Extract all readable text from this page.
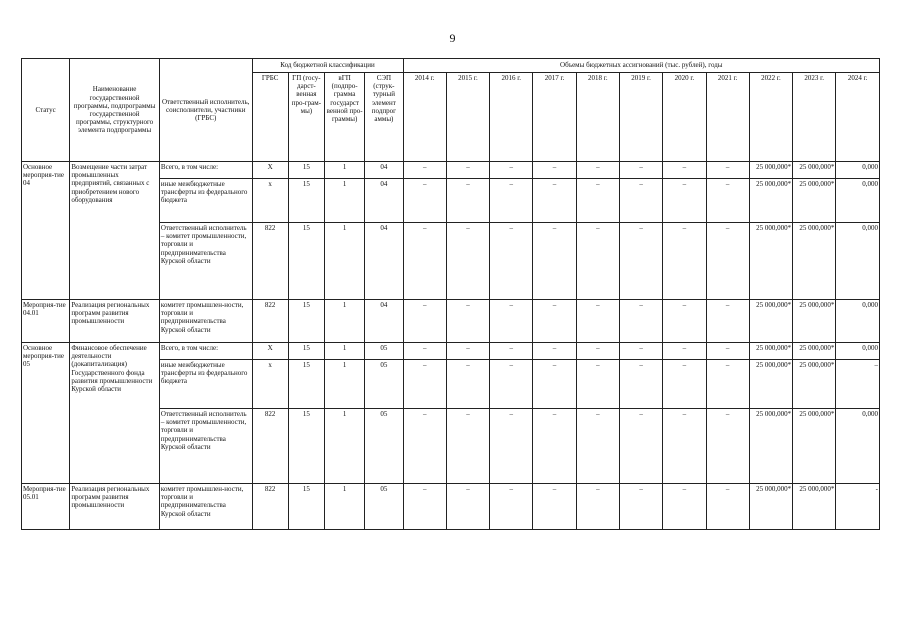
9
Статус	Наименование государственной программы, подпрограммы государственной программы, структурного элемента подпрограммы	Ответственный исполнитель, соисполнители, участники (ГРБС)	Код бюджетной классификации				Объемы бюджетных ассигнований (тыс. рублей), годы										
			ГРБС	ГП (госу-дарст-венная про-грам-мы)	вГП (подпро-грамма государст венной про-граммы)	СЭП (струк-турный элемент подпрог аммы)	2014 г.	2015 г.	2016 г.	2017 г.	2018 г.	2019 г.	2020 г.	2021 г.	2022 г.	2023 г.	2024 г.
Основное мероприя-тие 04	Возмещение части затрат промышленных предприятий, связанных с приобретением нового оборудования	Всего, в том числе:	Х	15	1	04	–	–	–	–	–	–	–	–	25 000,000*	25 000,000*	0,000
		иные межбюджетные трансферты из федерального бюджета	х	15	1	04	–	–	–	–	–	–	–	–	25 000,000*	25 000,000*	0,000
		Ответственный исполнитель – комитет промышленности, торговли и предпринимательства Курской области	822	15	1	04	–	–	–	–	–	–	–	–	25 000,000*	25 000,000*	0,000
Мероприя-тие 04.01	Реализация региональных программ развития промышленности	комитет промышлен-ности, торговли и предпринимательства Курской области	822	15	1	04	–	–	–	–	–	–	–	–	25 000,000*	25 000,000*	0,000
Основное мероприя-тие 05	Финансовое обеспечение деятельности (докапитализация) Государственного фонда развития промышленности Курской области	Всего, в том числе:	Х	15	1	05	–	–	–	–	–	–	–	–	25 000,000*	25 000,000*	0,000
		иные межбюджетные трансферты из федерального бюджета	х	15	1	05	–	–	–	–	–	–	–	–	25 000,000*	25 000,000*	–
		Ответственный исполнитель – комитет промышленности, торговли и предпринимательства Курской области	822	15	1	05	–	–	–	–	–	–	–	–	25 000,000*	25 000,000*	0,000
Мероприя-тие 05.01	Реализация региональных программ развития промышленности	комитет промышлен-ности, торговли и предпринимательства Курской области	822	15	1	05	–	–	–	–	–	–	–	–	25 000,000*	25 000,000*	-
